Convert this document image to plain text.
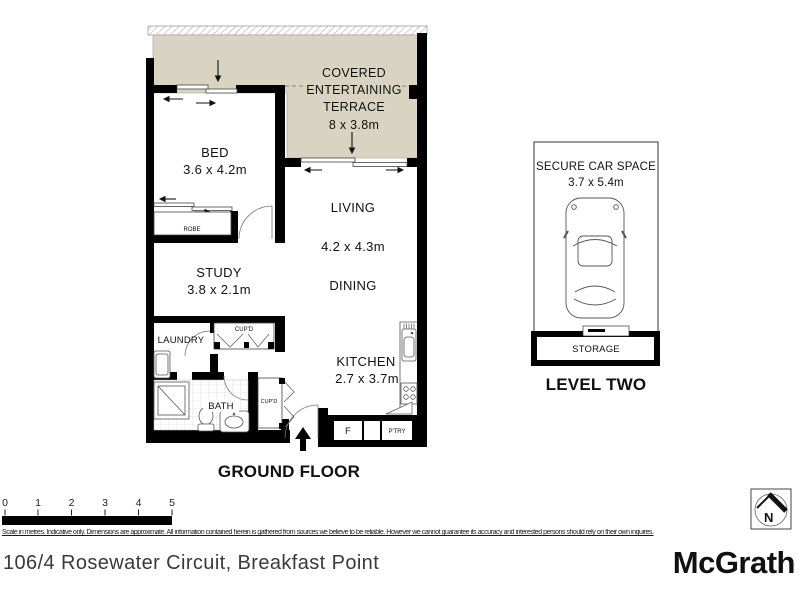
ROBE
CUP'D
CUP'D
BATH
F	P'TRY
COVERED
ENTERTAINING
TERRACE
8 x 3.8m
BED
3.6 x 4.2m
LIVING
4.2 x 4.3m
DINING
STUDY
3.8 x 2.1m
KITCHEN
2.7 x 3.7m
LAUNDRY
GROUND FLOOR
SECURE CAR SPACE
3.7 x 5.4m
STORAGE
LEVEL TWO
0	1	2	3	4	5
N
Scale in metres. Indicative only. Dimensions are approximate. All information contained herein is gathered from sources we believe to be reliable. However we cannot guarantee its accuracy and interested persons should rely on their own inquires.
106/4 Rosewater Circuit, Breakfast Point	McGrath
